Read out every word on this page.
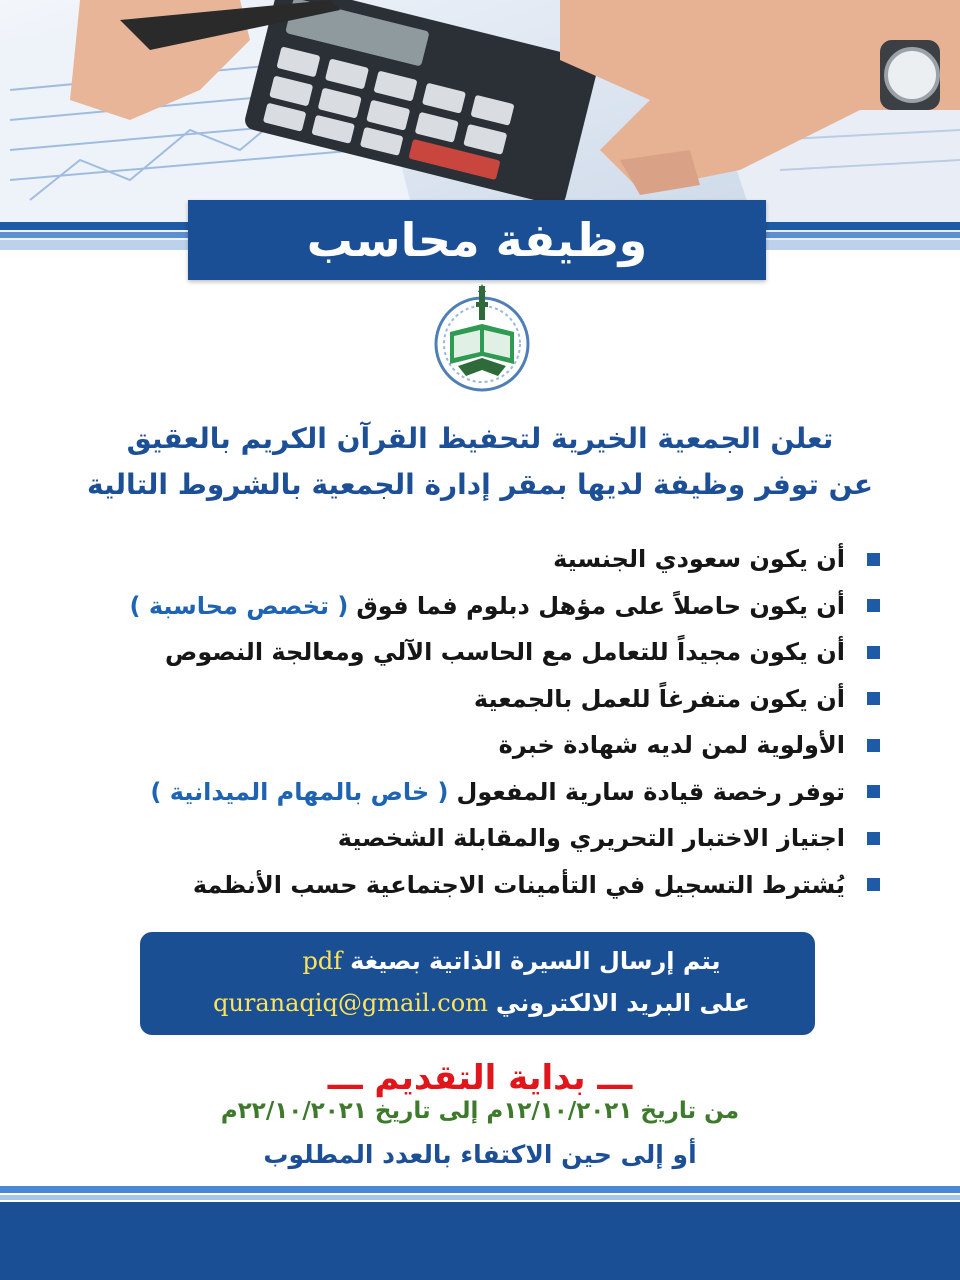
وظيفة محاسب
تعلن الجمعية الخيرية لتحفيظ القرآن الكريم بالعقيق
عن توفر وظيفة لديها بمقر إدارة الجمعية بالشروط التالية
أن يكون سعودي الجنسية
أن يكون حاصلاً على مؤهل دبلوم فما فوق
( تخصص محاسبة )
أن يكون مجيداً للتعامل مع الحاسب الآلي ومعالجة النصوص
أن يكون متفرغاً للعمل بالجمعية
الأولوية لمن لديه شهادة خبرة
توفر رخصة قيادة سارية المفعول
( خاص بالمهام الميدانية )
اجتياز الاختبار التحريري والمقابلة الشخصية
يُشترط التسجيل في التأمينات الاجتماعية حسب الأنظمة
يتم إرسال السيرة الذاتية بصيغة
pdf
على البريد الالكتروني
quranaqiq@gmail.com
ـــ بداية التقديم ـــ
من تاريخ ١٢/١٠/٢٠٢١م إلى تاريخ ٢٢/١٠/٢٠٢١م
أو إلى حين الاكتفاء بالعدد المطلوب
